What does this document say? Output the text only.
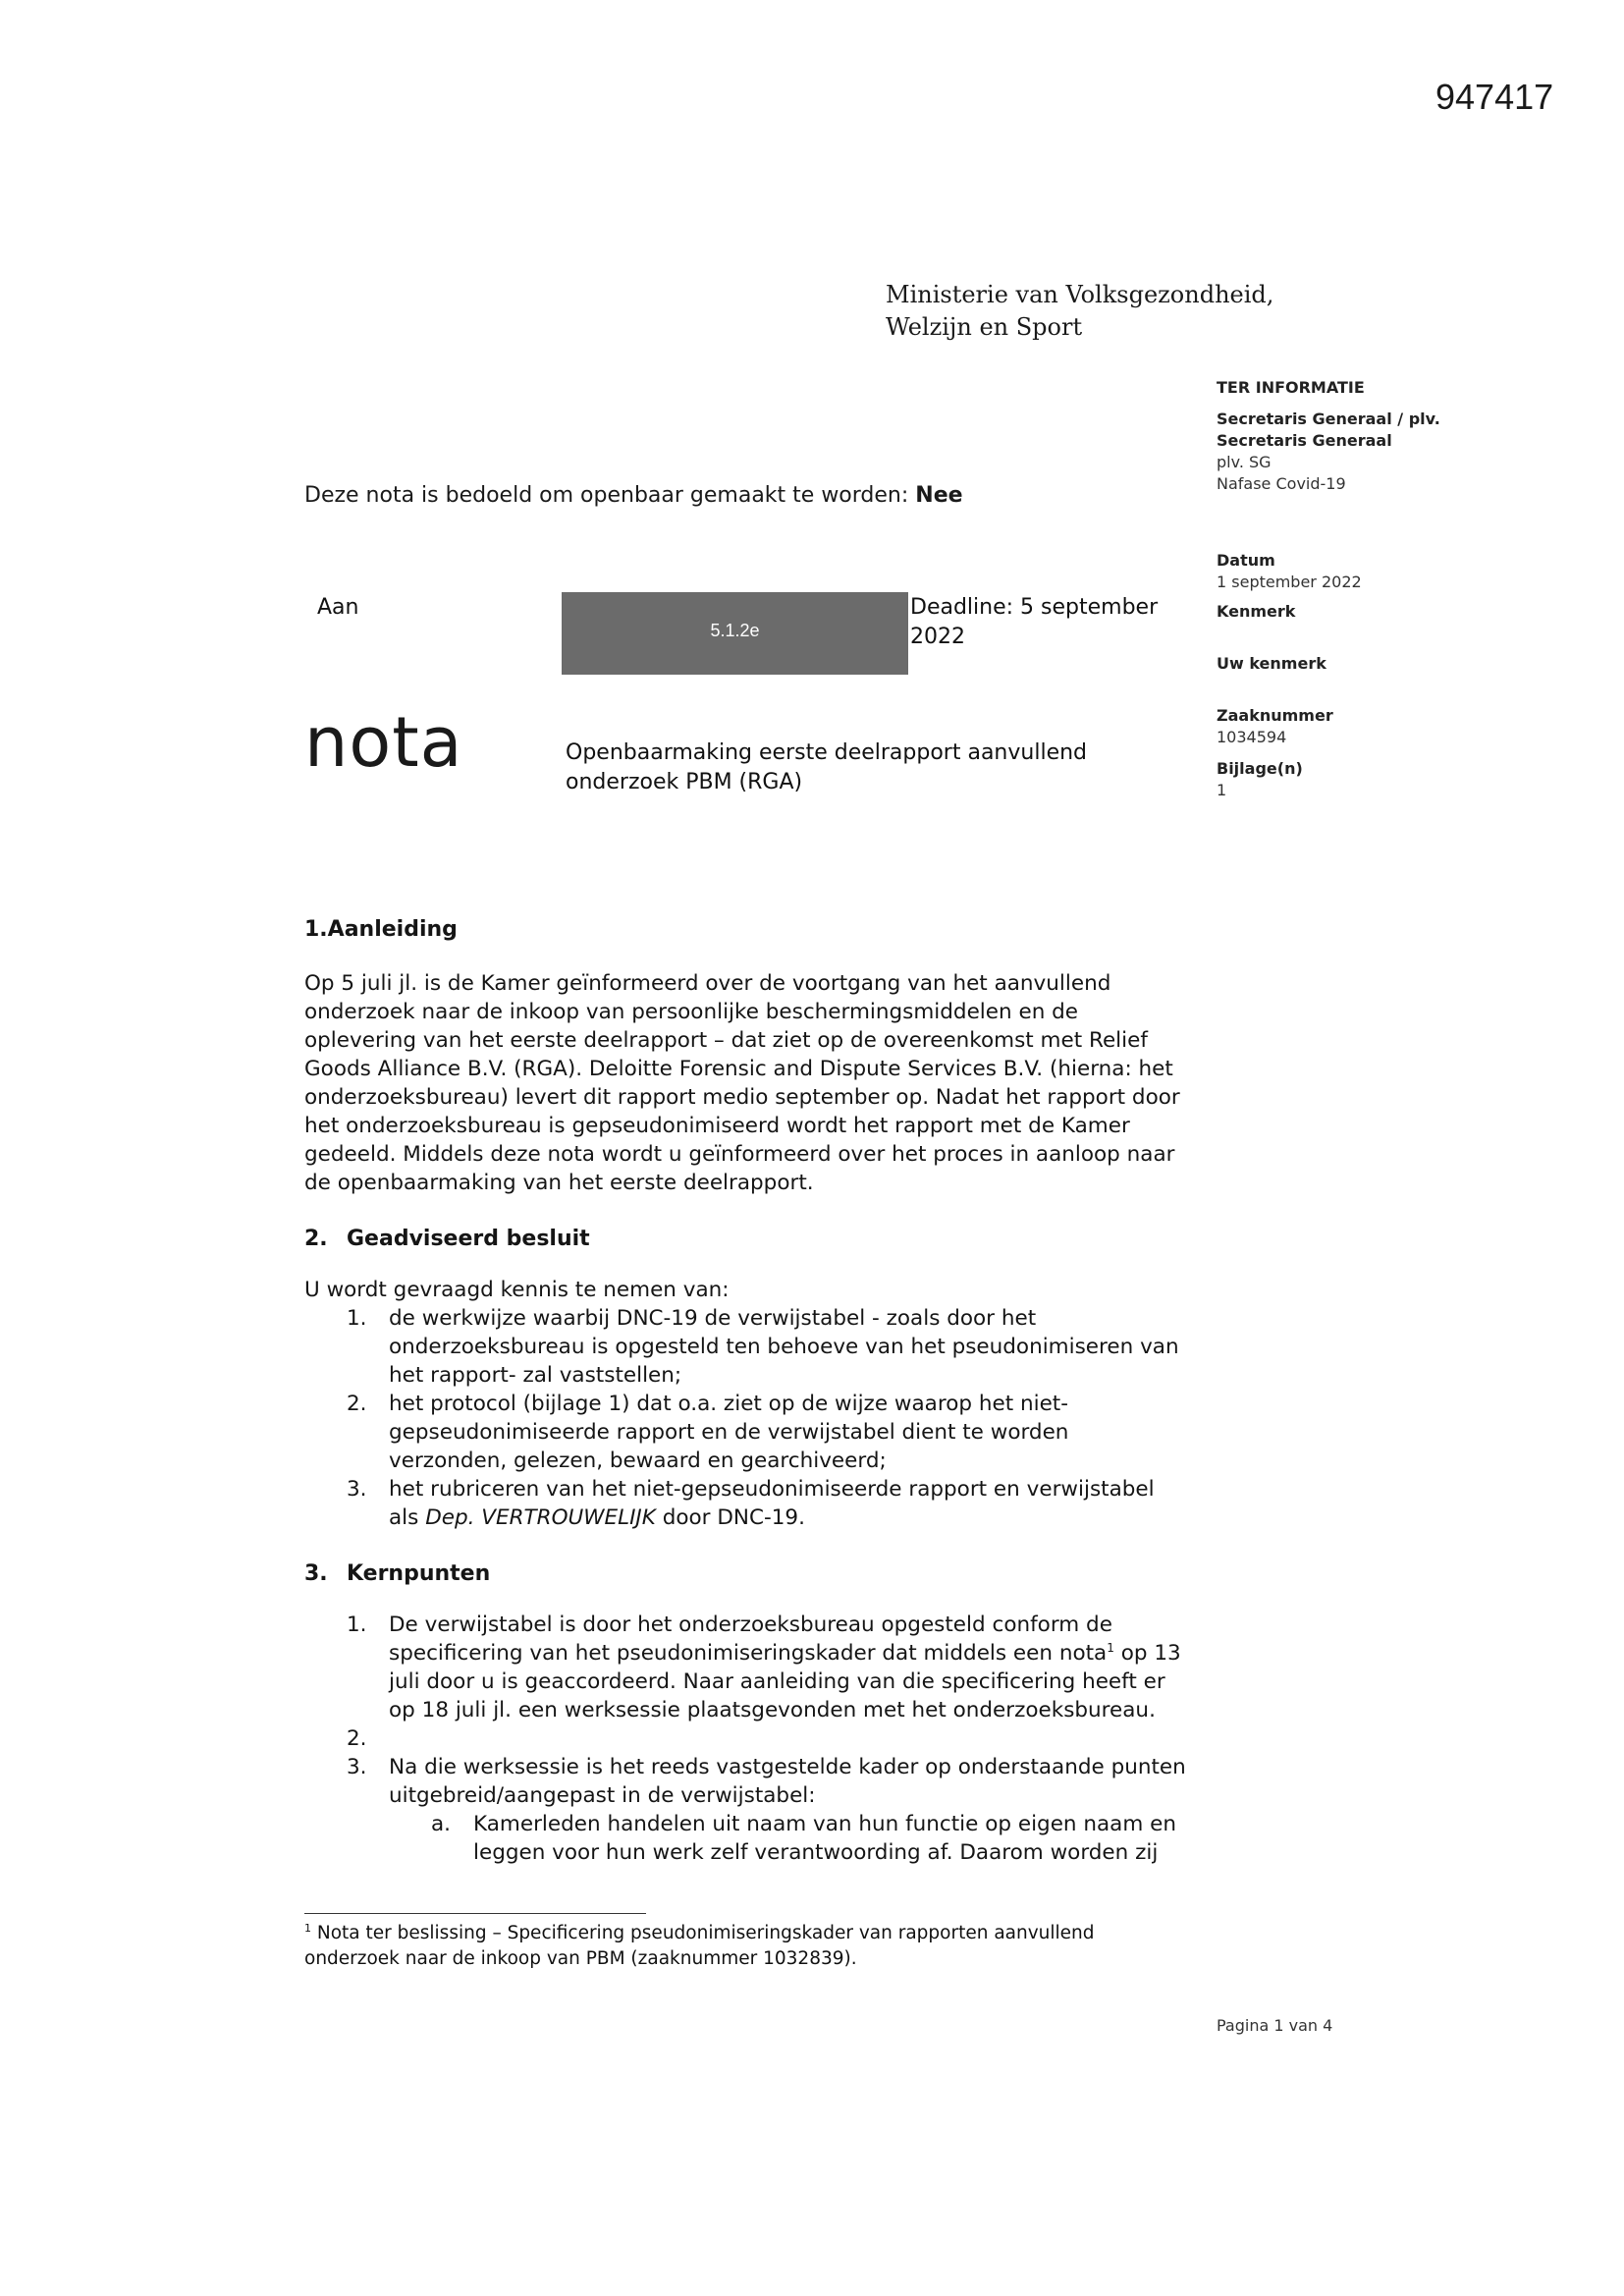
947417
Ministerie van Volksgezondheid,
Welzijn en Sport
TER INFORMATIE
Secretaris Generaal / plv.
Secretaris Generaal
plv. SG
Nafase Covid-19
Datum
1 september 2022
Kenmerk
Uw kenmerk
Zaaknummer
1034594
Bijlage(n)
1
Deze nota is bedoeld om openbaar gemaakt te worden: Nee
Aan
5.1.2e
Deadline: 5 september
2022
nota	Openbaarmaking eerste deelrapport aanvullend
onderzoek PBM (RGA)
1.Aanleiding

Op 5 juli jl. is de Kamer geïnformeerd over de voortgang van het aanvullend onderzoek naar de inkoop van persoonlijke beschermingsmiddelen en de oplevering van het eerste deelrapport – dat ziet op de overeenkomst met Relief Goods Alliance B.V. (RGA). Deloitte Forensic and Dispute Services B.V. (hierna: het onderzoeksbureau) levert dit rapport medio september op. Nadat het rapport door het onderzoeksbureau is gepseudonimiseerd wordt het rapport met de Kamer gedeeld. Middels deze nota wordt u geïnformeerd over het proces in aanloop naar de openbaarmaking van het eerste deelrapport.

2. Geadviseerd besluit

U wordt gevraagd kennis te nemen van:

1. de werkwijze waarbij DNC-19 de verwijstabel - zoals door het onderzoeksbureau is opgesteld ten behoeve van het pseudonimiseren van het rapport- zal vaststellen;
2. het protocol (bijlage 1) dat o.a. ziet op de wijze waarop het niet-gepseudonimiseerde rapport en de verwijstabel dient te worden verzonden, gelezen, bewaard en gearchiveerd;
3. het rubriceren van het niet-gepseudonimiseerde rapport en verwijstabel als Dep. VERTROUWELIJK door DNC-19.
3. Kernpunten
1. De verwijstabel is door het onderzoeksbureau opgesteld conform de specificering van het pseudonimiseringskader dat middels een nota$^1$ op 13 juli door u is geaccordeerd. Naar aanleiding van die specificering heeft er op 18 juli jl. een werksessie plaatsgevonden met het onderzoeksbureau.
2.

3. Na die werksessie is het reeds vastgestelde kader op onderstaande punten uitgebreid/aangepast in de verwijstabel:
a. Kamerleden handelen uit naam van hun functie op eigen naam en leggen voor hun werk zelf verantwoording af. Daarom worden zij
$^1$ Nota ter beslissing – Specificering pseudonimiseringskader van rapporten aanvullend onderzoek naar de inkoop van PBM (zaaknummer 1032839).
Pagina 1 van 4
